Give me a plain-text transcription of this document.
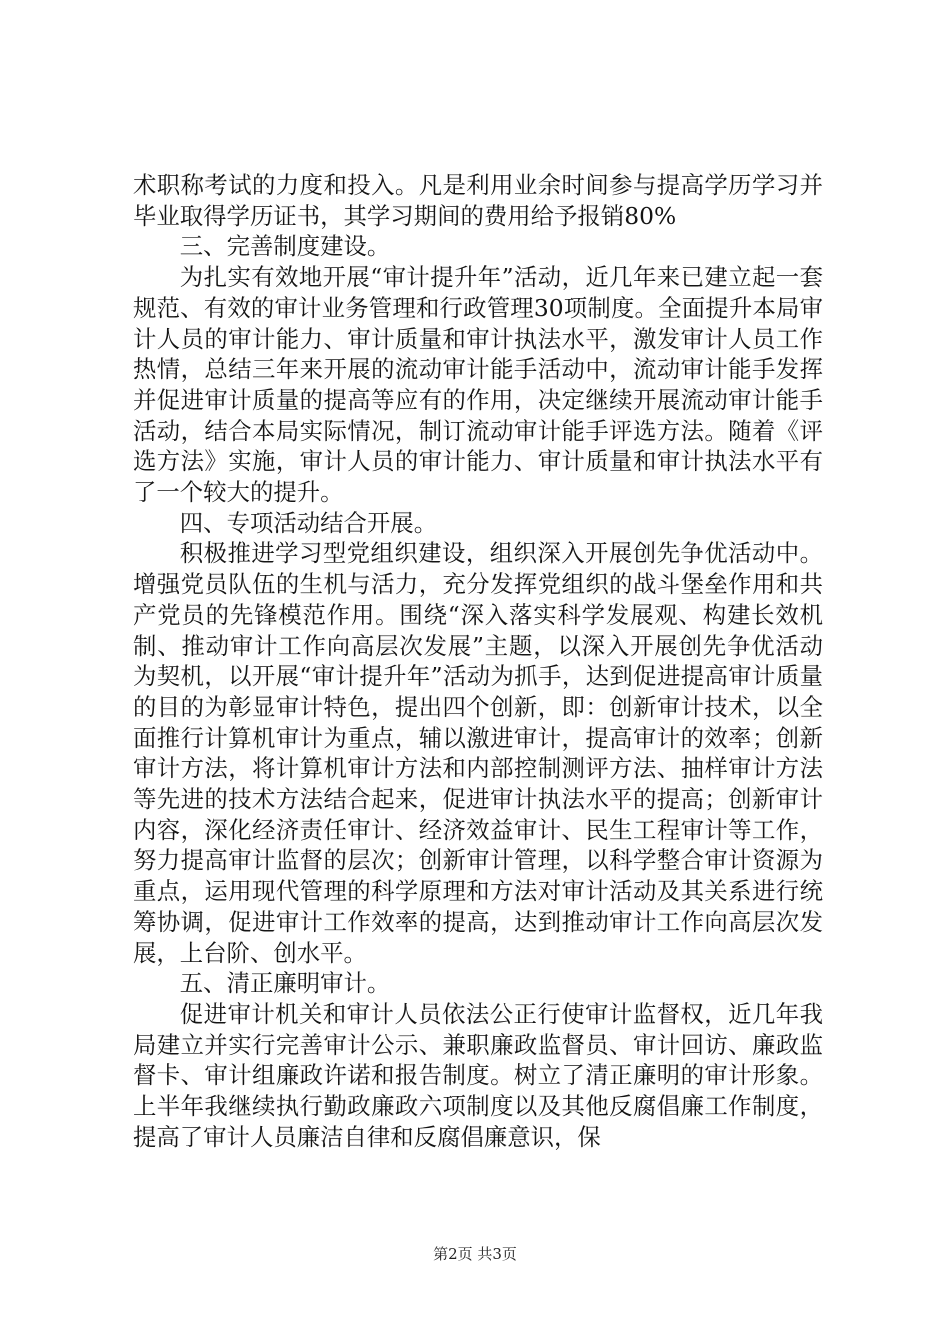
术职称考试的力度和投入。凡是利用业余时间参与提高学历学习并毕业取得学历证书，其学习期间的费用给予报销80%

三、完善制度建设。

为扎实有效地开展“审计提升年”活动，近几年来已建立起一套规范、有效的审计业务管理和行政管理30项制度。全面提升本局审计人员的审计能力、审计质量和审计执法水平，激发审计人员工作热情，总结三年来开展的流动审计能手活动中，流动审计能手发挥并促进审计质量的提高等应有的作用，决定继续开展流动审计能手活动，结合本局实际情况，制订流动审计能手评选方法。随着《评选方法》实施，审计人员的审计能力、审计质量和审计执法水平有了一个较大的提升。

四、专项活动结合开展。

积极推进学习型党组织建设，组织深入开展创先争优活动中。增强党员队伍的生机与活力，充分发挥党组织的战斗堡垒作用和共产党员的先锋模范作用。围绕“深入落实科学发展观、构建长效机制、推动审计工作向高层次发展”主题，以深入开展创先争优活动为契机，以开展“审计提升年”活动为抓手，达到促进提高审计质量的目的为彰显审计特色，提出四个创新，即：创新审计技术，以全面推行计算机审计为重点，辅以激进审计，提高审计的效率；创新审计方法，将计算机审计方法和内部控制测评方法、抽样审计方法等先进的技术方法结合起来，促进审计执法水平的提高；创新审计内容，深化经济责任审计、经济效益审计、民生工程审计等工作，努力提高审计监督的层次；创新审计管理，以科学整合审计资源为重点，运用现代管理的科学原理和方法对审计活动及其关系进行统筹协调，促进审计工作效率的提高，达到推动审计工作向高层次发展，上台阶、创水平。

五、清正廉明审计。

促进审计机关和审计人员依法公正行使审计监督权，近几年我局建立并实行完善审计公示、兼职廉政监督员、审计回访、廉政监督卡、审计组廉政许诺和报告制度。树立了清正廉明的审计形象。上半年我继续执行勤政廉政六项制度以及其他反腐倡廉工作制度，提高了审计人员廉洁自律和反腐倡廉意识，保

第2页 共3页
